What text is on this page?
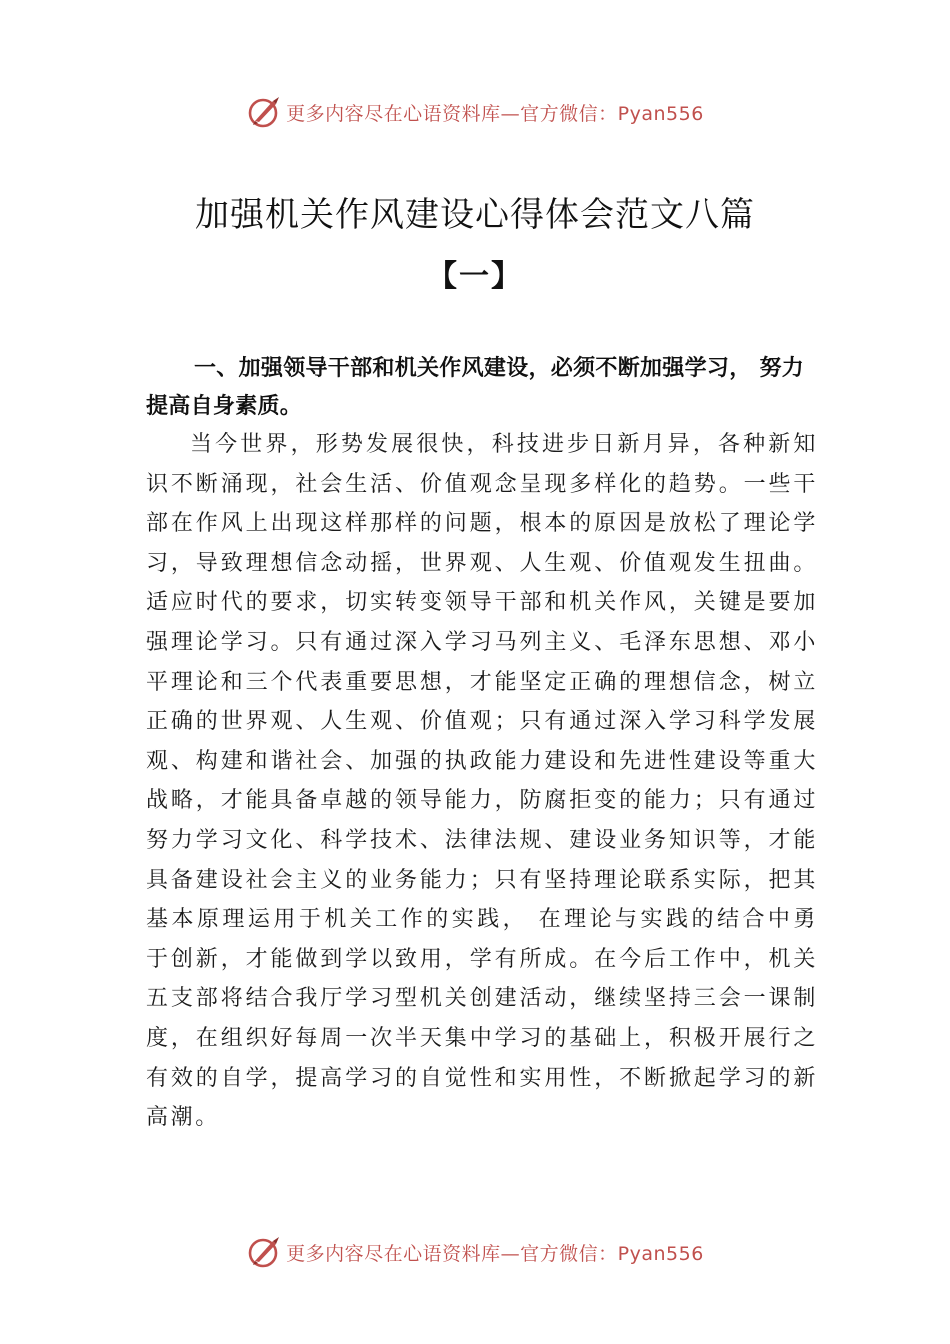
更多内容尽在心语资料库—官方微信：Pyan556
加强机关作风建设心得体会范文八篇
【一】

一、加强领导干部和机关作风建设，必须不断加强学习， 努力提高自身素质。

当今世界，形势发展很快，科技进步日新月异，各种新知识不断涌现，社会生活、价值观念呈现多样化的趋势。一些干部在作风上出现这样那样的问题，根本的原因是放松了理论学习，导致理想信念动摇，世界观、人生观、价值观发生扭曲。适应时代的要求，切实转变领导干部和机关作风，关键是要加强理论学习。只有通过深入学习马列主义、毛泽东思想、邓小平理论和三个代表重要思想，才能坚定正确的理想信念，树立正确的世界观、人生观、价值观；只有通过深入学习科学发展观、构建和谐社会、加强的执政能力建设和先进性建设等重大战略，才能具备卓越的领导能力，防腐拒变的能力；只有通过努力学习文化、科学技术、法律法规、建设业务知识等，才能具备建设社会主义的业务能力；只有坚持理论联系实际，把其基本原理运用于机关工作的实践， 在理论与实践的结合中勇于创新，才能做到学以致用，学有所成。在今后工作中，机关五支部将结合我厅学习型机关创建活动，继续坚持三会一课制度，在组织好每周一次半天集中学习的基础上，积极开展行之有效的自学，提高学习的自觉性和实用性，不断掀起学习的新高潮。

更多内容尽在心语资料库—官方微信：Pyan556
